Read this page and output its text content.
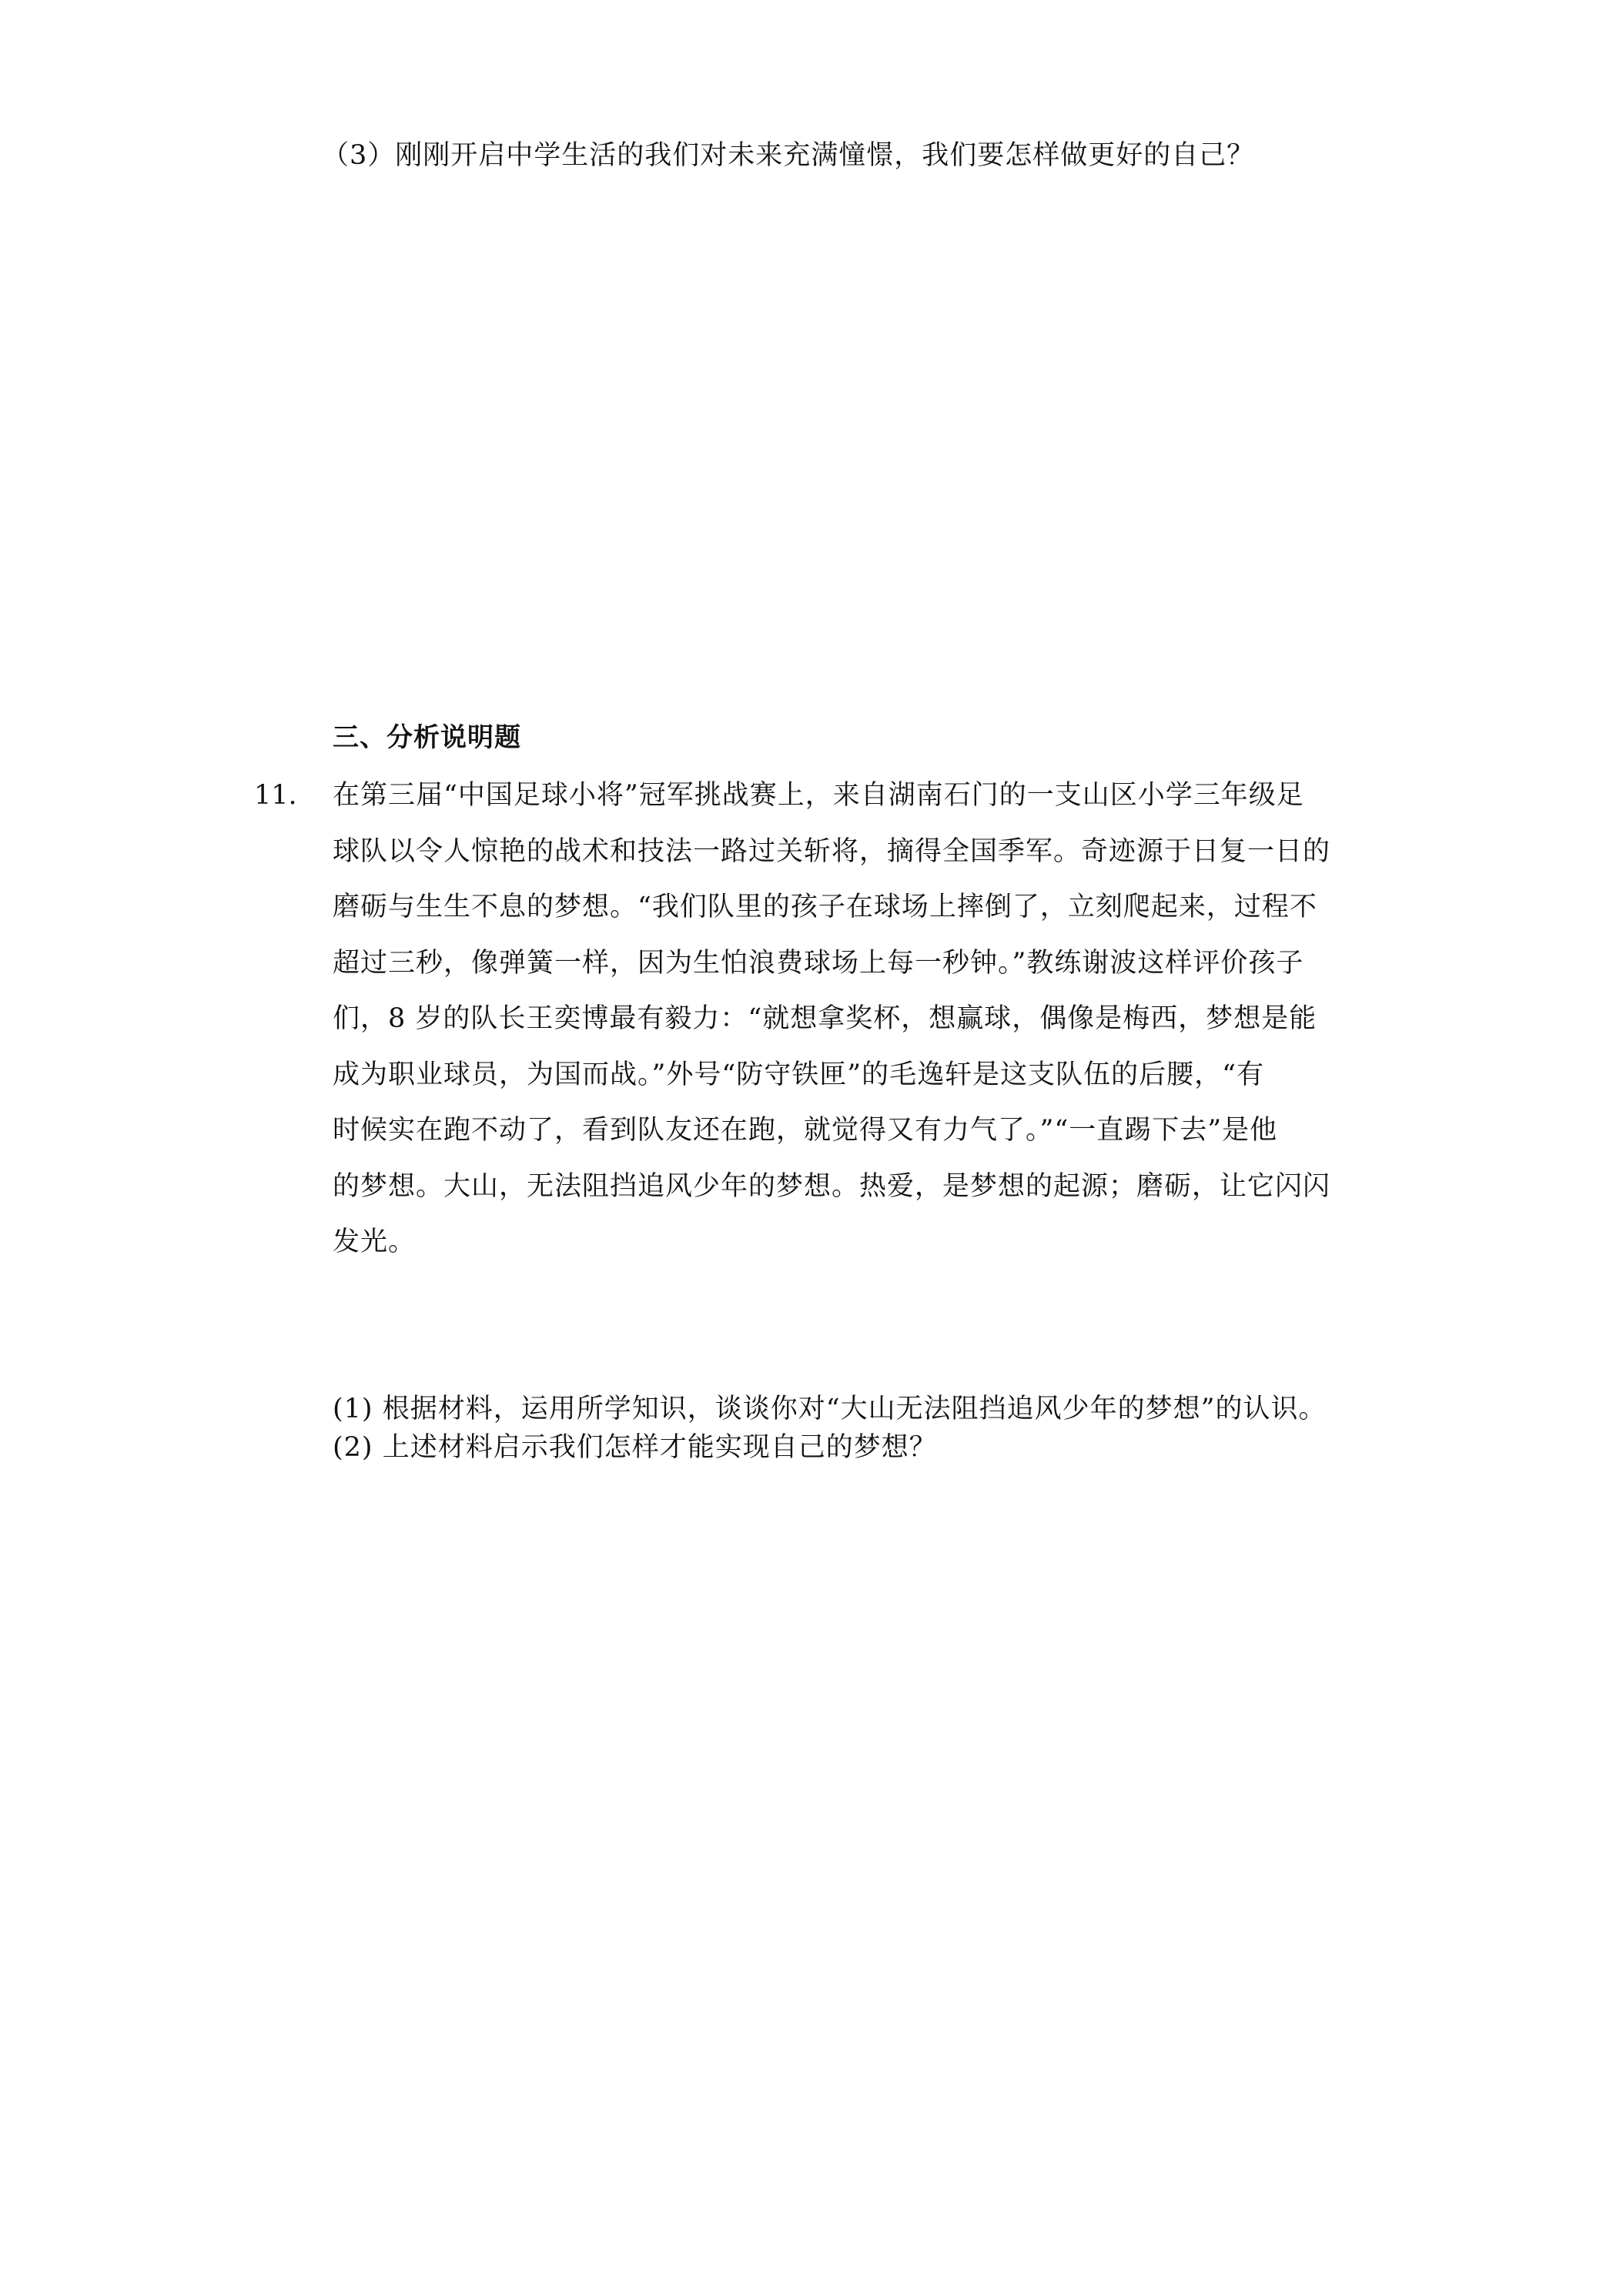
（3）刚刚开启中学生活的我们对未来充满憧憬，我们要怎样做更好的自己？

三、分析说明题

11. 在第三届“中国足球小将”冠军挑战赛上，来自湖南石门的一支山区小学三年级足
球队以令人惊艳的战术和技法一路过关斩将，摘得全国季军。奇迹源于日复一日的
磨砺与生生不息的梦想。“我们队里的孩子在球场上摔倒了，立刻爬起来，过程不
超过三秒，像弹簧一样，因为生怕浪费球场上每一秒钟。”教练谢波这样评价孩子
们，8 岁的队长王奕博最有毅力：“就想拿奖杯，想赢球，偶像是梅西，梦想是能
成为职业球员，为国而战。”外号“防守铁匣”的毛逸轩是这支队伍的后腰，“有
时候实在跑不动了，看到队友还在跑，就觉得又有力气了。”“一直踢下去”是他
的梦想。大山，无法阻挡追风少年的梦想。热爱，是梦想的起源；磨砺，让它闪闪
发光。

(1) 根据材料，运用所学知识，谈谈你对“大山无法阻挡追风少年的梦想”的认识。

(2) 上述材料启示我们怎样才能实现自己的梦想？
